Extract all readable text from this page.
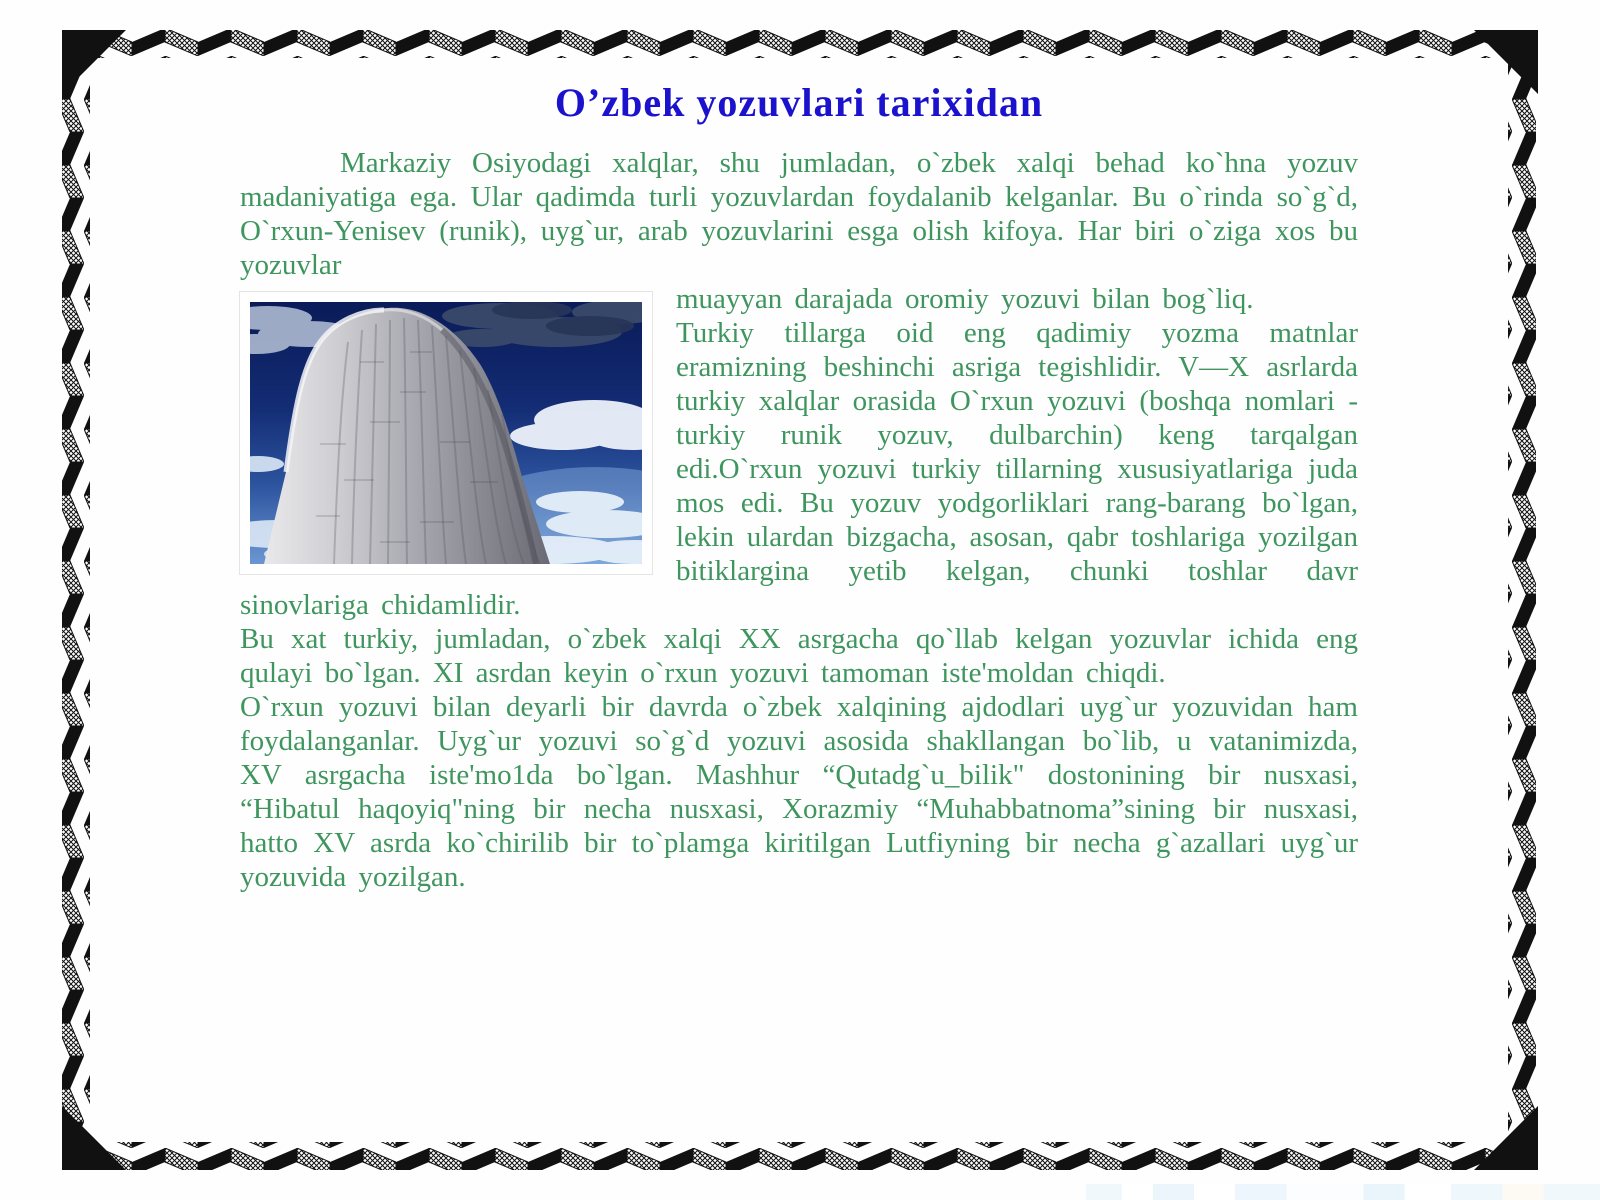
O’zbek yozuvlari tarixidan

Markaziy Osiyodagi xalqlar, shu jumladan, o`zbek xalqi behad ko`hna yozuv madaniyatiga ega. Ular qadimda turli yozuvlardan foydalanib kelganlar. Bu o`rinda so`g`d, O`rxun-Yenisev (runik), uyg`ur, arab yozuvlarini esga olish kifoya. Har biri o`ziga xos bu yozuvlar

muayyan darajada oromiy yozuvi bilan bog`liq.

Turkiy tillarga oid eng qadimiy yozma matnlar eramizning beshinchi asriga tegishlidir. V—X asrlarda turkiy xalqlar orasida O`rxun yozuvi (boshqa nomlari - turkiy runik yozuv, dulbarchin) keng tarqalgan edi.O`rxun yozuvi turkiy tillarning xususiyatlariga juda mos edi. Bu yozuv yodgorliklari rang-barang bo`lgan, lekin ulardan bizgacha, asosan, qabr toshlariga yozilgan bitiklargina yetib kelgan, chunki toshlar davr sinovlariga chidamlidir.

Bu xat turkiy, jumladan, o`zbek xalqi XX asrgacha qo`llab kelgan yozuvlar ichida eng qulayi bo`lgan. XI asrdan keyin o`rxun yozuvi tamoman iste'moldan chiqdi.

O`rxun yozuvi bilan deyarli bir davrda o`zbek xalqining ajdodlari uyg`ur yozuvidan ham foydalanganlar. Uyg`ur yozuvi so`g`d yozuvi asosida shakllangan bo`lib, u vatanimizda, XV asrgacha iste'mo1da bo`lgan. Mashhur “Qutadg`u_bilik" dostonining bir nusxasi, “Hibatul haqoyiq"ning bir necha nusxasi, Xorazmiy “Muhabbatnoma”sining bir nusxasi, hatto XV asrda ko`chirilib bir to`plamga kiritilgan Lutfiyning bir necha g`azallari uyg`ur yozuvida yozilgan.
